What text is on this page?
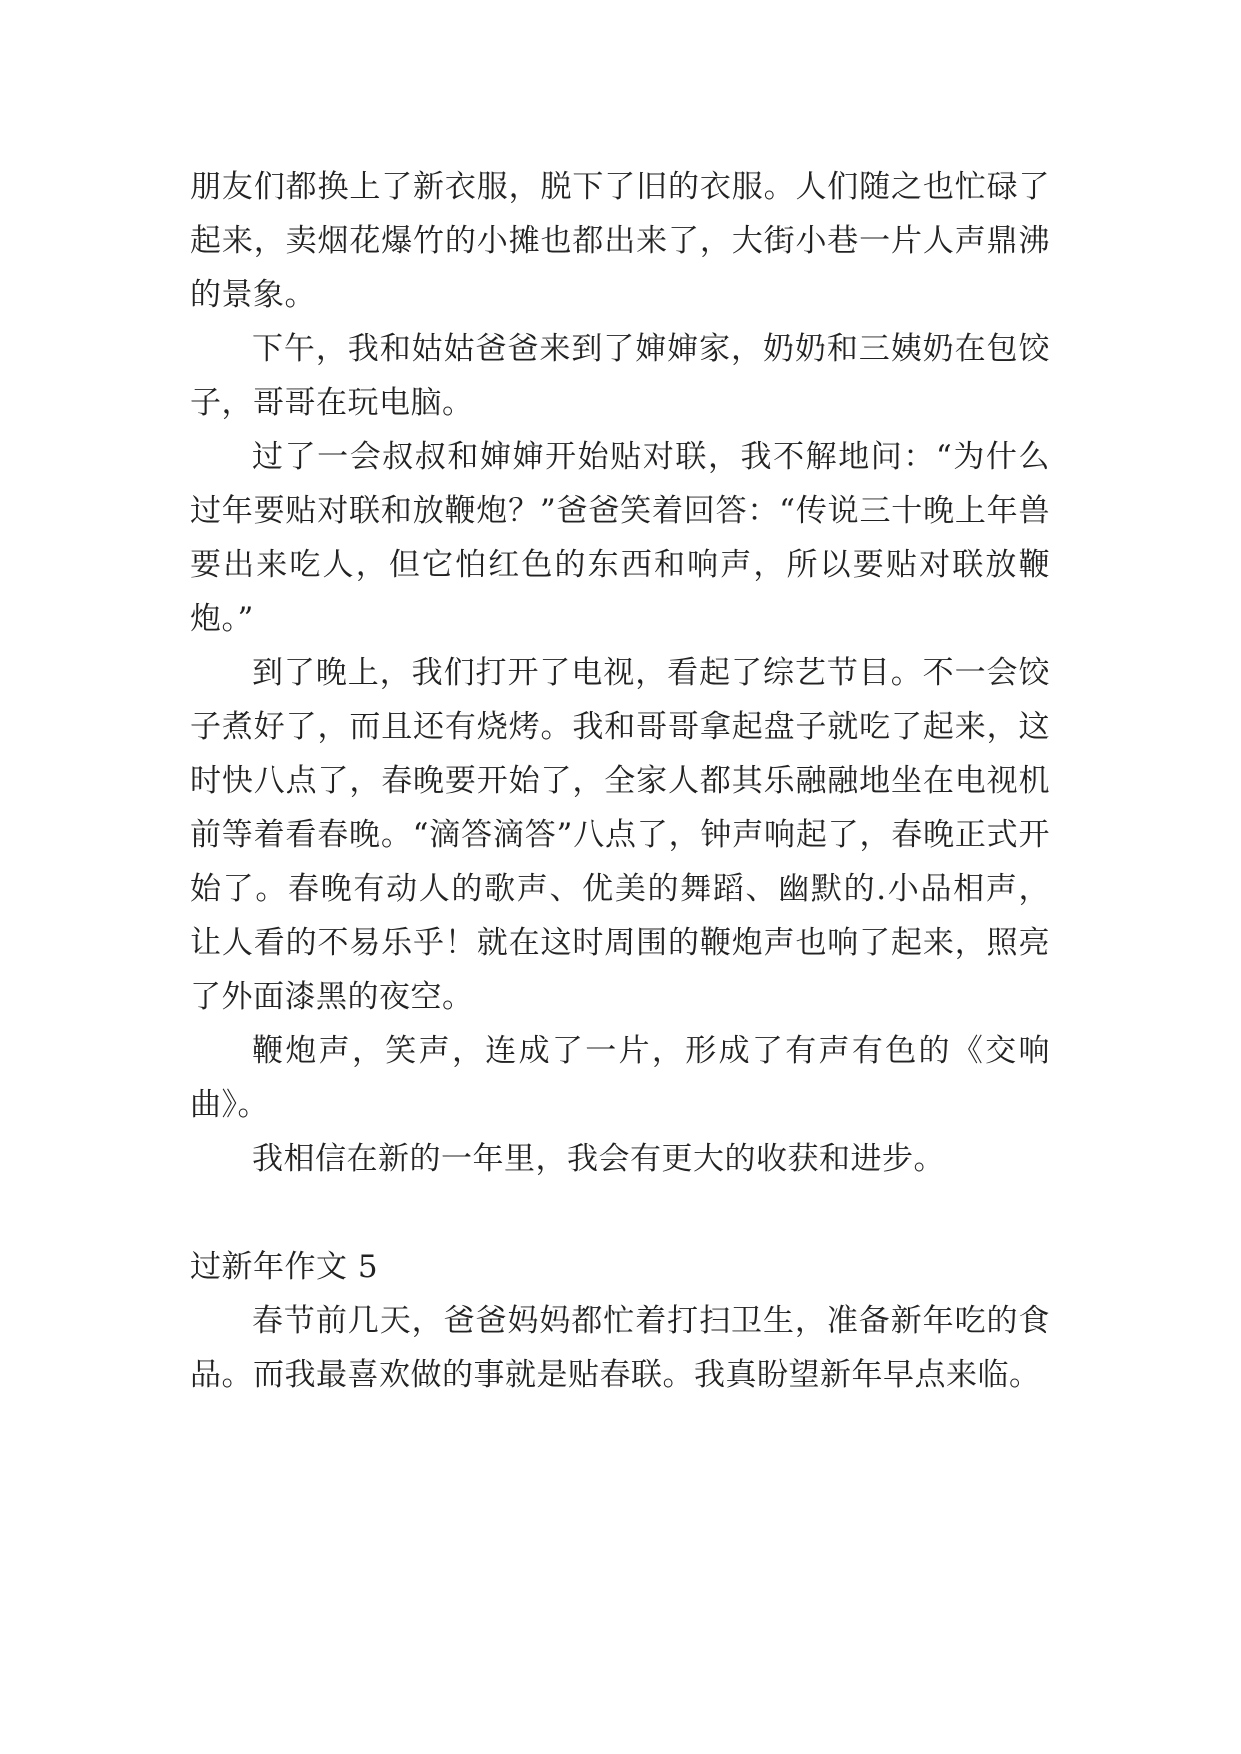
朋友们都换上了新衣服，脱下了旧的衣服。人们随之也忙碌了起来，卖烟花爆竹的小摊也都出来了，大街小巷一片人声鼎沸的景象。

下午，我和姑姑爸爸来到了婶婶家，奶奶和三姨奶在包饺子，哥哥在玩电脑。

过了一会叔叔和婶婶开始贴对联，我不解地问：“为什么过年要贴对联和放鞭炮？”爸爸笑着回答：“传说三十晚上年兽要出来吃人，但它怕红色的东西和响声，所以要贴对联放鞭炮。”

到了晚上，我们打开了电视，看起了综艺节目。不一会饺子煮好了，而且还有烧烤。我和哥哥拿起盘子就吃了起来，这时快八点了，春晚要开始了，全家人都其乐融融地坐在电视机前等着看春晚。“滴答滴答”八点了，钟声响起了，春晚正式开始了。春晚有动人的歌声、优美的舞蹈、幽默的.小品相声，让人看的不易乐乎！就在这时周围的鞭炮声也响了起来，照亮了外面漆黑的夜空。

鞭炮声，笑声，连成了一片，形成了有声有色的《交响曲》。

我相信在新的一年里，我会有更大的收获和进步。

过新年作文 5

春节前几天，爸爸妈妈都忙着打扫卫生，准备新年吃的食品。而我最喜欢做的事就是贴春联。我真盼望新年早点来临。
